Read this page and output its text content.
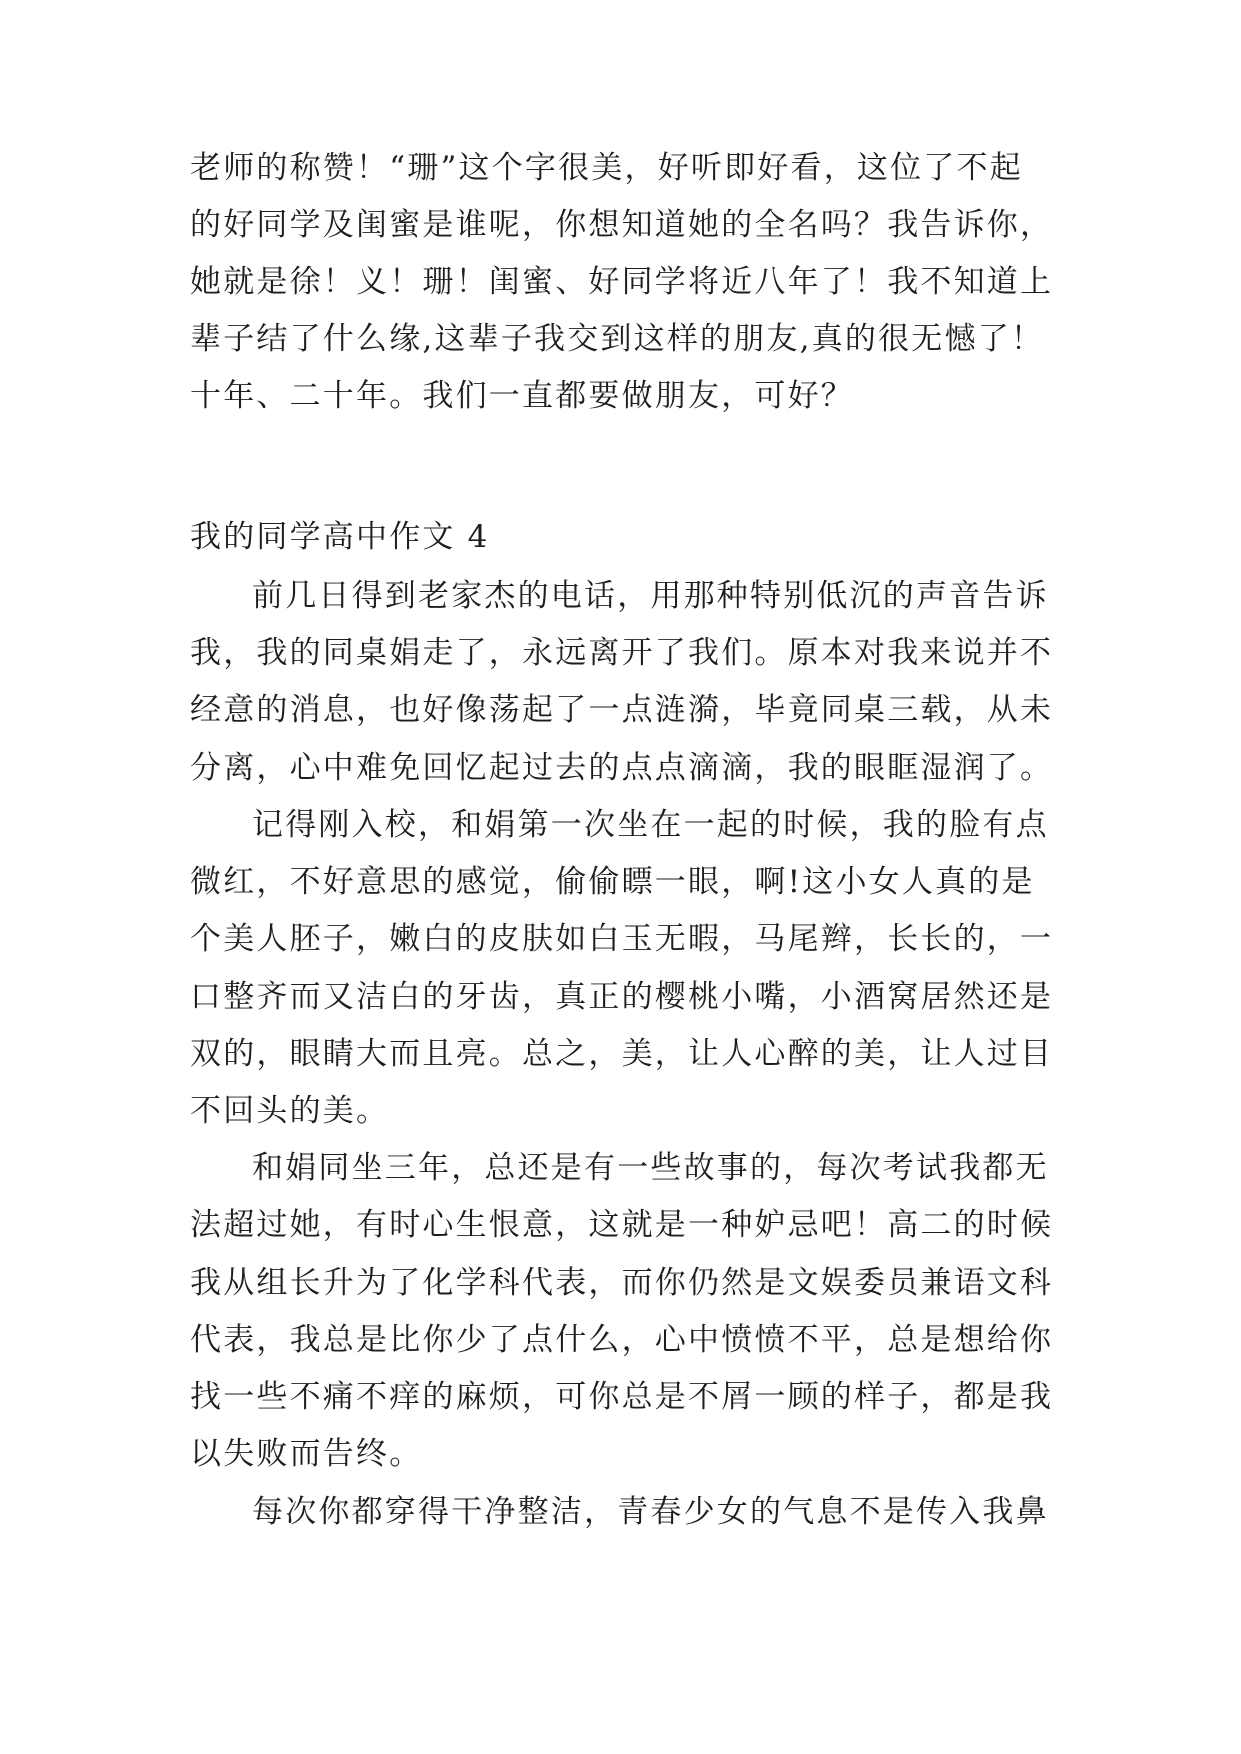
老师的称赞！“珊”这个字很美，好听即好看，这位了不起
的好同学及闺蜜是谁呢，你想知道她的全名吗？我告诉你，
她就是徐！义！珊！闺蜜、好同学将近八年了！我不知道上
辈子结了什么缘,这辈子我交到这样的朋友,真的很无憾了！
十年、二十年。我们一直都要做朋友，可好？
我的同学高中作文 4
前几日得到老家杰的电话，用那种特别低沉的声音告诉
我，我的同桌娟走了，永远离开了我们。原本对我来说并不
经意的消息，也好像荡起了一点涟漪，毕竟同桌三载，从未
分离，心中难免回忆起过去的点点滴滴，我的眼眶湿润了。
记得刚入校，和娟第一次坐在一起的时候，我的脸有点
微红，不好意思的感觉，偷偷瞟一眼，啊!这小女人真的是
个美人胚子，嫩白的皮肤如白玉无暇，马尾辫，长长的，一
口整齐而又洁白的牙齿，真正的樱桃小嘴，小酒窝居然还是
双的，眼睛大而且亮。总之，美，让人心醉的美，让人过目
不回头的美。
和娟同坐三年，总还是有一些故事的，每次考试我都无
法超过她，有时心生恨意，这就是一种妒忌吧！高二的时候
我从组长升为了化学科代表，而你仍然是文娱委员兼语文科
代表，我总是比你少了点什么，心中愤愤不平，总是想给你
找一些不痛不痒的麻烦，可你总是不屑一顾的样子，都是我
以失败而告终。
每次你都穿得干净整洁，青春少女的气息不是传入我鼻
